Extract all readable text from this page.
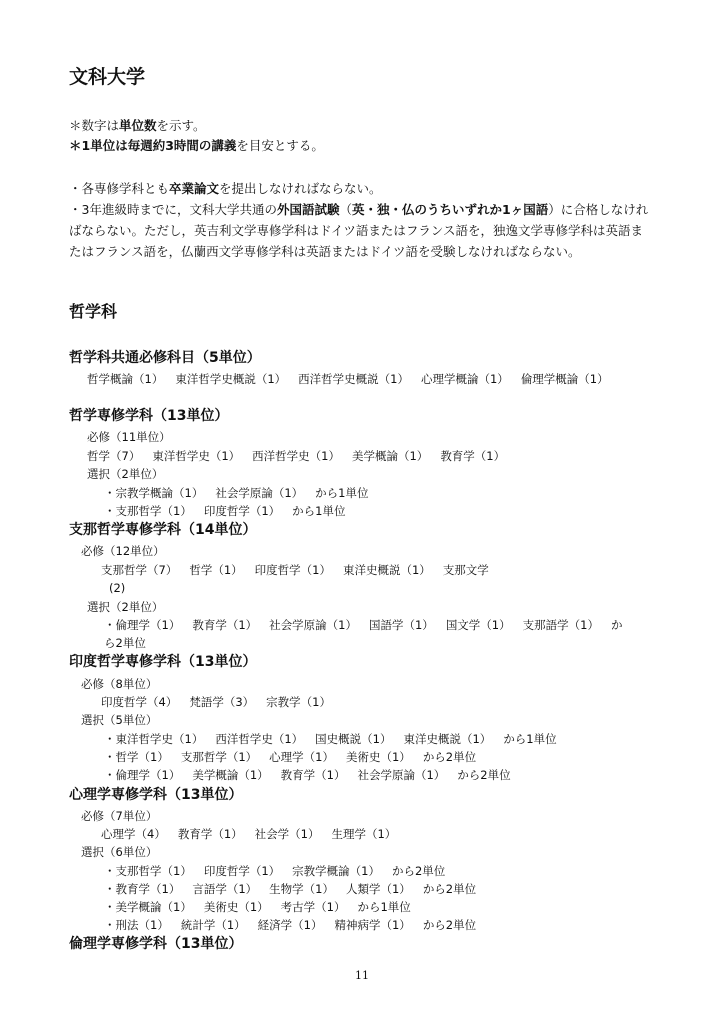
文科大学

＊数字は単位数を示す。

＊1単位は毎週約3時間の講義を目安とする。

・各専修学科とも卒業論文を提出しなければならない。

・3年進級時までに，文科大学共通の外国語試験（英・独・仏のうちいずれか1ヶ国語）に合格しなければならない。ただし，英吉利文学専修学科はドイツ語またはフランス語を，独逸文学専修学科は英語またはフランス語を，仏蘭西文学専修学科は英語またはドイツ語を受験しなければならない。

哲学科
哲学科共通必修科目（5単位）
哲学概論（1） 東洋哲学史概説（1） 西洋哲学史概説（1） 心理学概論（1） 倫理学概論（1）
哲学専修学科（13単位）
必修（11単位）
哲学（7） 東洋哲学史（1） 西洋哲学史（1） 美学概論（1） 教育学（1）
選択（2単位）
・宗教学概論（1） 社会学原論（1） から1単位
・支那哲学（1） 印度哲学（1） から1単位
支那哲学専修学科（14単位）
必修（12単位）
支那哲学（7） 哲学（1） 印度哲学（1） 東洋史概説（1） 支那文学
(2)
選択（2単位）
・倫理学（1） 教育学（1） 社会学原論（1） 国語学（1） 国文学（1） 支那語学（1） か
ら2単位
印度哲学専修学科（13単位）
必修（8単位）
印度哲学（4） 梵語学（3） 宗教学（1）
選択（5単位）
・東洋哲学史（1） 西洋哲学史（1） 国史概説（1） 東洋史概説（1） から1単位
・哲学（1） 支那哲学（1） 心理学（1） 美術史（1） から2単位
・倫理学（1） 美学概論（1） 教育学（1） 社会学原論（1） から2単位
心理学専修学科（13単位）
必修（7単位）
心理学（4） 教育学（1） 社会学（1） 生理学（1）
選択（6単位）
・支那哲学（1） 印度哲学（1） 宗教学概論（1） から2単位
・教育学（1） 言語学（1） 生物学（1） 人類学（1） から2単位
・美学概論（1） 美術史（1） 考古学（1） から1単位
・刑法（1） 統計学（1） 経済学（1） 精神病学（1） から2単位
倫理学専修学科（13単位）
11
